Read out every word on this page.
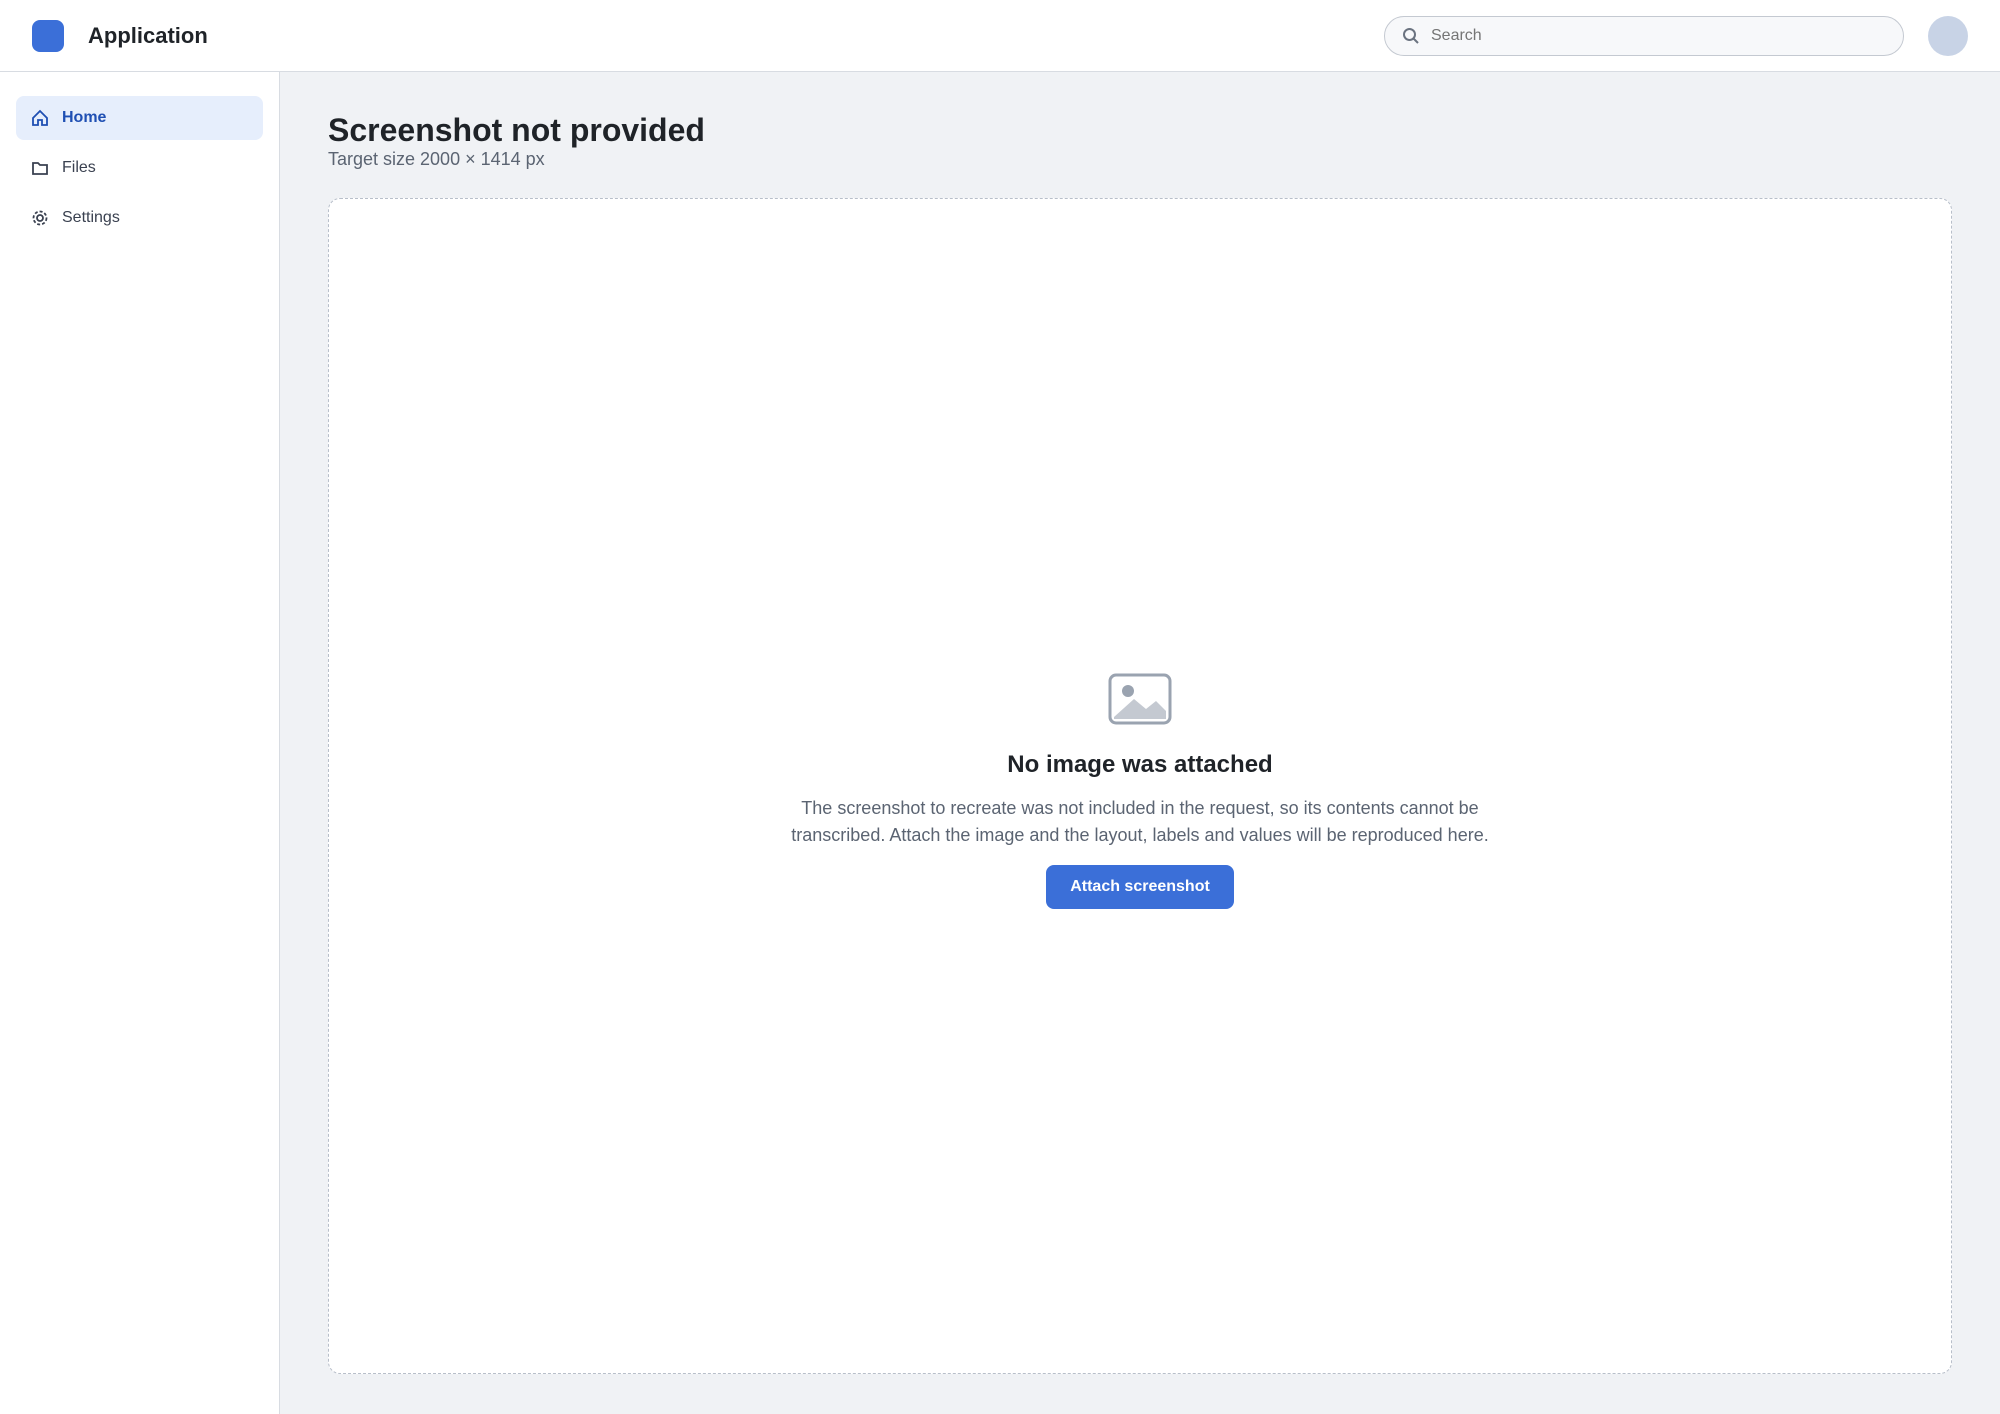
Application
Search
Home
Files
Settings
Screenshot not provided

Target size 2000 × 1414 px

No image was attached

The screenshot to recreate was not included in the request, so its contents cannot be transcribed. Attach the image and the layout, labels and values will be reproduced here.

Attach screenshot
